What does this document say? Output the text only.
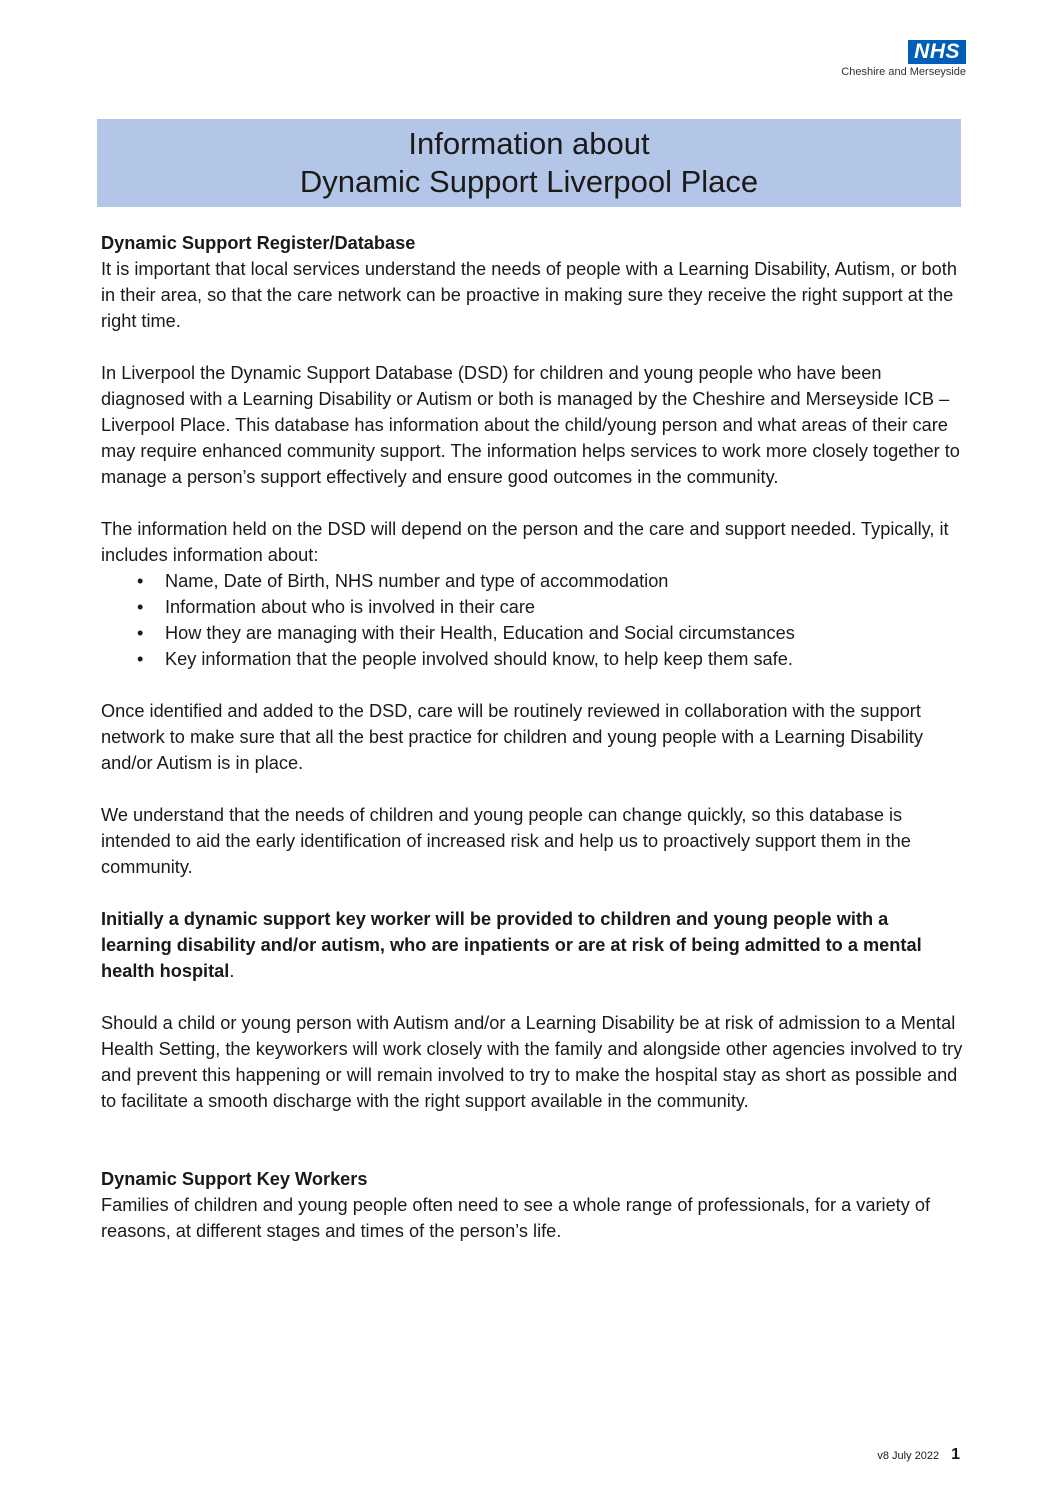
NHS
Cheshire and Merseyside
Information about
Dynamic Support Liverpool Place
Dynamic Support Register/Database

It is important that local services understand the needs of people with a Learning Disability, Autism, or both in their area, so that the care network can be proactive in making sure they receive the right support at the right time.

In Liverpool the Dynamic Support Database (DSD) for children and young people who have been diagnosed with a Learning Disability or Autism or both is managed by the Cheshire and Merseyside ICB – Liverpool Place. This database has information about the child/young person and what areas of their care may require enhanced community support. The information helps services to work more closely together to manage a person’s support effectively and ensure good outcomes in the community.

The information held on the DSD will depend on the person and the care and support needed. Typically, it includes information about:

• Name, Date of Birth, NHS number and type of accommodation
• Information about who is involved in their care
• How they are managing with their Health, Education and Social circumstances
• Key information that the people involved should know, to help keep them safe.

Once identified and added to the DSD, care will be routinely reviewed in collaboration with the support network to make sure that all the best practice for children and young people with a Learning Disability and/or Autism is in place.

We understand that the needs of children and young people can change quickly, so this database is intended to aid the early identification of increased risk and help us to proactively support them in the community.

Initially a dynamic support key worker will be provided to children and young people with a learning disability and/or autism, who are inpatients or are at risk of being admitted to a mental health hospital.

Should a child or young person with Autism and/or a Learning Disability be at risk of admission to a Mental Health Setting, the keyworkers will work closely with the family and alongside other agencies involved to try and prevent this happening or will remain involved to try to make the hospital stay as short as possible and to facilitate a smooth discharge with the right support available in the community.

Dynamic Support Key Workers

Families of children and young people often need to see a whole range of professionals, for a variety of reasons, at different stages and times of the person’s life.

v8 July 2022 1
